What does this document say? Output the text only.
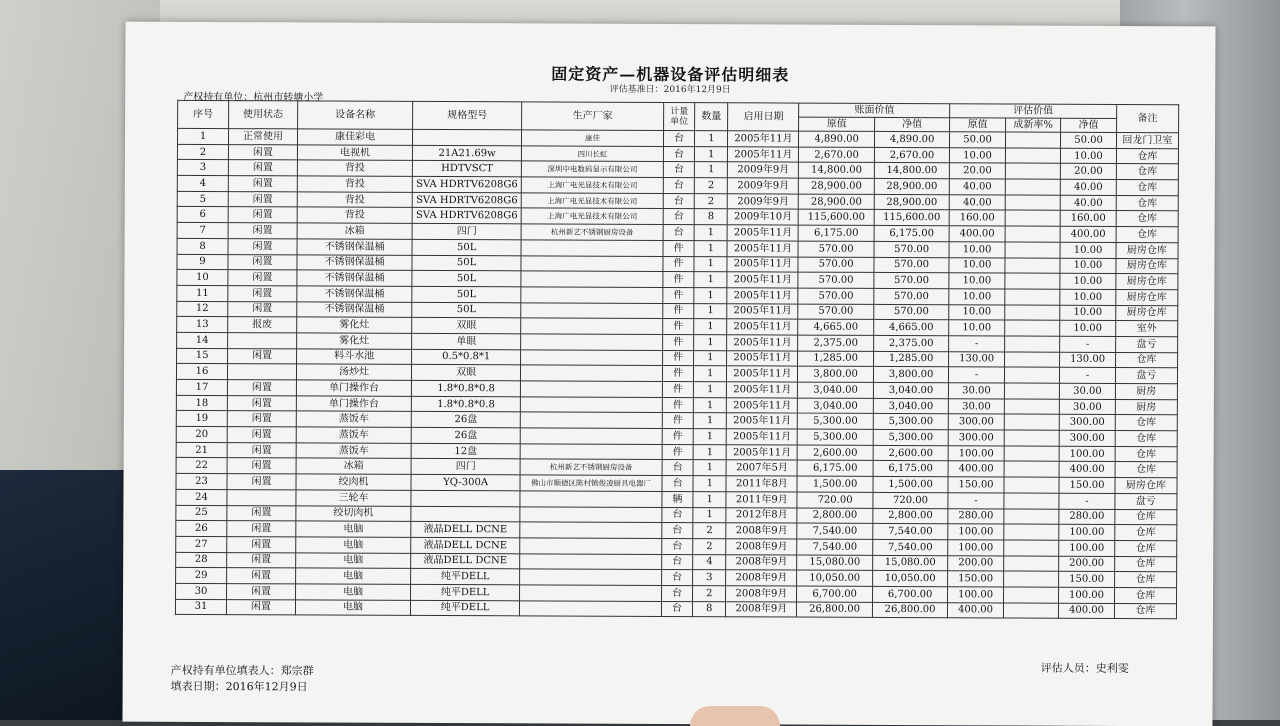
固定资产—机器设备评估明细表
评估基准日：2016年12月9日
产权持有单位：杭州市转塘小学
序号	使用状态	设备名称	规格型号	生产厂家	计量单位	数量	启用日期	账面价值		评估价值			备注
								原值	净值	原值	成新率%	净值	
1	正常使用	康佳彩电		康佳	台	1	2005年11月	4,890.00	4,890.00	50.00		50.00	回龙门卫室
2	闲置	电视机	21A21.69w	四川长虹	台	1	2005年11月	2,670.00	2,670.00	10.00		10.00	仓库
3	闲置	背投	HDTVSCT	深圳中电数码显示有限公司	台	1	2009年9月	14,800.00	14,800.00	20.00		20.00	仓库
4	闲置	背投	SVA HDRTV6208G6	上海广电光显技术有限公司	台	2	2009年9月	28,900.00	28,900.00	40.00		40.00	仓库
5	闲置	背投	SVA HDRTV6208G6	上海广电光显技术有限公司	台	2	2009年9月	28,900.00	28,900.00	40.00		40.00	仓库
6	闲置	背投	SVA HDRTV6208G6	上海广电光显技术有限公司	台	8	2009年10月	115,600.00	115,600.00	160.00		160.00	仓库
7	闲置	冰箱	四门	杭州新艺不锈钢厨房设备	台	1	2005年11月	6,175.00	6,175.00	400.00		400.00	仓库
8	闲置	不锈钢保温桶	50L		件	1	2005年11月	570.00	570.00	10.00		10.00	厨房仓库
9	闲置	不锈钢保温桶	50L		件	1	2005年11月	570.00	570.00	10.00		10.00	厨房仓库
10	闲置	不锈钢保温桶	50L		件	1	2005年11月	570.00	570.00	10.00		10.00	厨房仓库
11	闲置	不锈钢保温桶	50L		件	1	2005年11月	570.00	570.00	10.00		10.00	厨房仓库
12	闲置	不锈钢保温桶	50L		件	1	2005年11月	570.00	570.00	10.00		10.00	厨房仓库
13	报废	雾化灶	双眼		件	1	2005年11月	4,665.00	4,665.00	10.00		10.00	室外
14		雾化灶	单眼		件	1	2005年11月	2,375.00	2,375.00	-		-	盘亏
15	闲置	料斗水池	0.5*0.8*1		件	1	2005年11月	1,285.00	1,285.00	130.00		130.00	仓库
16		汤炒灶	双眼		件	1	2005年11月	3,800.00	3,800.00	-		-	盘亏
17	闲置	单门操作台	1.8*0.8*0.8		件	1	2005年11月	3,040.00	3,040.00	30.00		30.00	厨房
18	闲置	单门操作台	1.8*0.8*0.8		件	1	2005年11月	3,040.00	3,040.00	30.00		30.00	厨房
19	闲置	蒸饭车	26盘		件	1	2005年11月	5,300.00	5,300.00	300.00		300.00	仓库
20	闲置	蒸饭车	26盘		件	1	2005年11月	5,300.00	5,300.00	300.00		300.00	仓库
21	闲置	蒸饭车	12盘		件	1	2005年11月	2,600.00	2,600.00	100.00		100.00	仓库
22	闲置	冰箱	四门	杭州新艺不锈钢厨房设备	台	1	2007年5月	6,175.00	6,175.00	400.00		400.00	仓库
23	闲置	绞肉机	YQ-300A	佛山市顺德区陈村镇俊凌厨具电器厂	台	1	2011年8月	1,500.00	1,500.00	150.00		150.00	厨房仓库
24		三轮车			辆	1	2011年9月	720.00	720.00	-		-	盘亏
25	闲置	绞切肉机			台	1	2012年8月	2,800.00	2,800.00	280.00		280.00	仓库
26	闲置	电脑	液晶DELL DCNE		台	2	2008年9月	7,540.00	7,540.00	100.00		100.00	仓库
27	闲置	电脑	液晶DELL DCNE		台	2	2008年9月	7,540.00	7,540.00	100.00		100.00	仓库
28	闲置	电脑	液晶DELL DCNE		台	4	2008年9月	15,080.00	15,080.00	200.00		200.00	仓库
29	闲置	电脑	纯平DELL		台	3	2008年9月	10,050.00	10,050.00	150.00		150.00	仓库
30	闲置	电脑	纯平DELL		台	2	2008年9月	6,700.00	6,700.00	100.00		100.00	仓库
31	闲置	电脑	纯平DELL		台	8	2008年9月	26,800.00	26,800.00	400.00		400.00	仓库
产权持有单位填表人：郑宗群
填表日期：2016年12月9日
评估人员：史利雯
